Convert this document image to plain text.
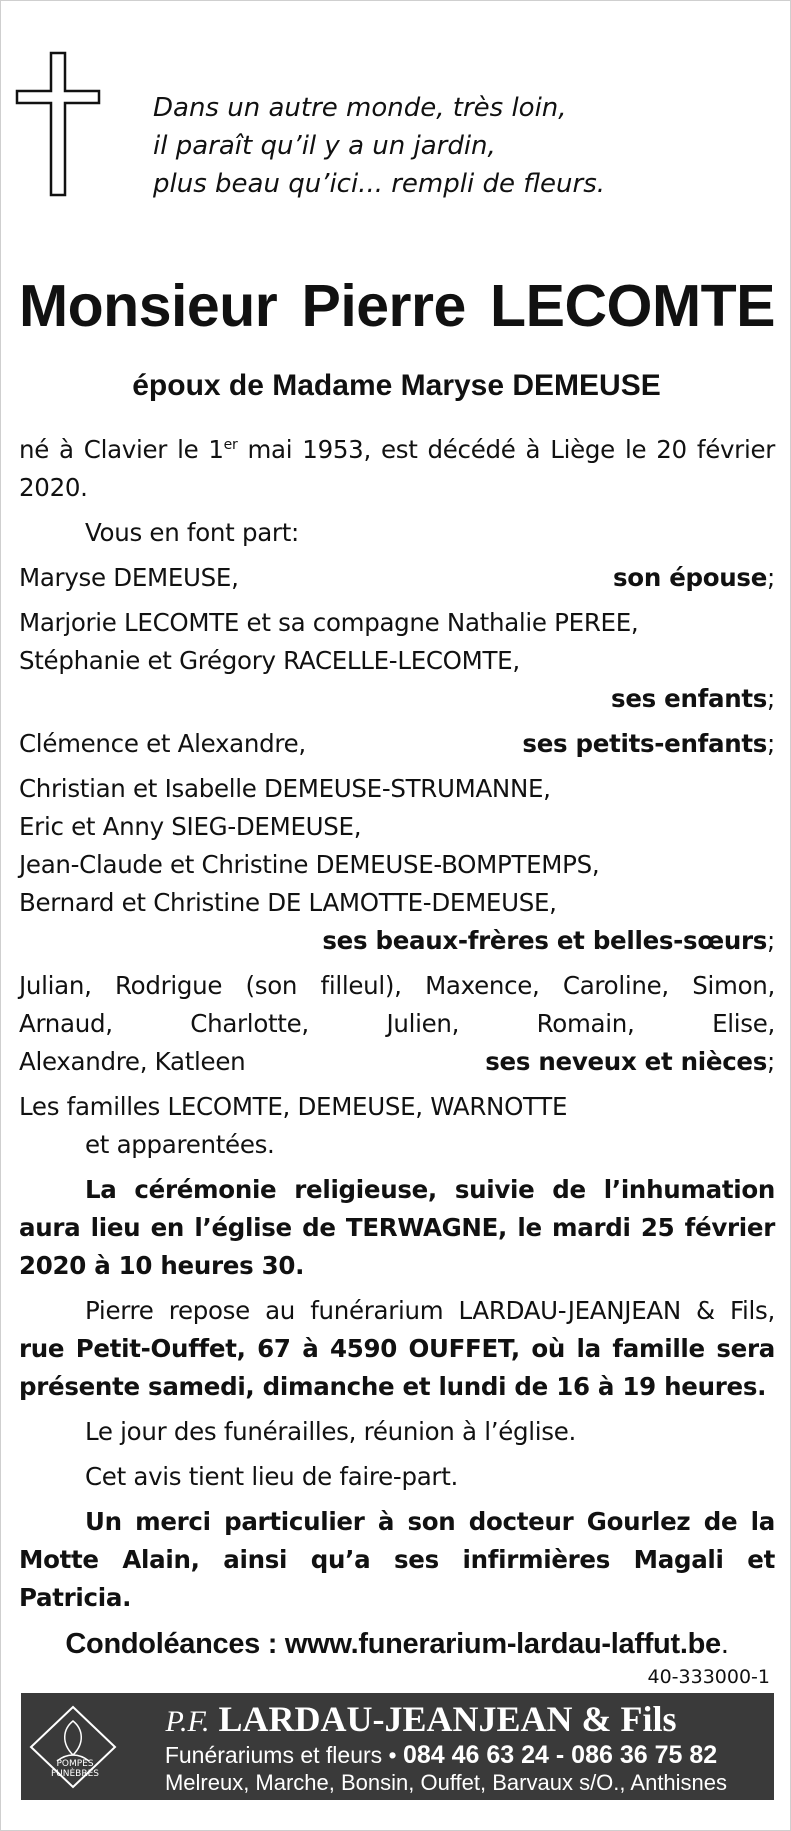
Dans un autre monde, très loin,
il paraît qu’il y a un jardin,
plus beau qu’ici... rempli de fleurs.
Monsieur Pierre LECOMTE
époux de Madame Maryse DEMEUSE

né à Clavier le 1er mai 1953, est décédé à Liège le 20 février 2020.

Vous en font part:

Maryse DEMEUSE,	son épouse;

Marjorie LECOMTE et sa compagne Nathalie PEREE,

Stéphanie et Grégory RACELLE-LECOMTE,

ses enfants;

Clémence et Alexandre,	ses petits-enfants;

Christian et Isabelle DEMEUSE-STRUMANNE,

Eric et Anny SIEG-DEMEUSE,

Jean-Claude et Christine DEMEUSE-BOMPTEMPS,

Bernard et Christine DE LAMOTTE-DEMEUSE,

ses beaux-frères et belles-sœurs;

Julian, Rodrigue (son filleul), Maxence, Caroline, Simon, Arnaud, Charlotte, Julien, Romain, Elise,

Alexandre, Katleen	ses neveux et nièces;

Les familles LECOMTE, DEMEUSE, WARNOTTE

et apparentées.

La cérémonie religieuse, suivie de l’inhumation aura lieu en l’église de TERWAGNE, le mardi 25 février 2020 à 10 heures 30.

Pierre repose au funérarium LARDAU-JEANJEAN & Fils, rue Petit-Ouffet, 67 à 4590 OUFFET, où la famille sera présente samedi, dimanche et lundi de 16 à 19 heures.

Le jour des funérailles, réunion à l’église.

Cet avis tient lieu de faire-part.

Un merci particulier à son docteur Gourlez de la Motte Alain, ainsi qu’a ses infirmières Magali et Patricia.

Condoléances : www.funerarium-lardau-laffut.be.

40-333000-1
POMPES FUNÈBRES
P.F. LARDAU-JEANJEAN & Fils
Funérariums et fleurs • 084 46 63 24 - 086 36 75 82
Melreux, Marche, Bonsin, Ouffet, Barvaux s/O., Anthisnes
